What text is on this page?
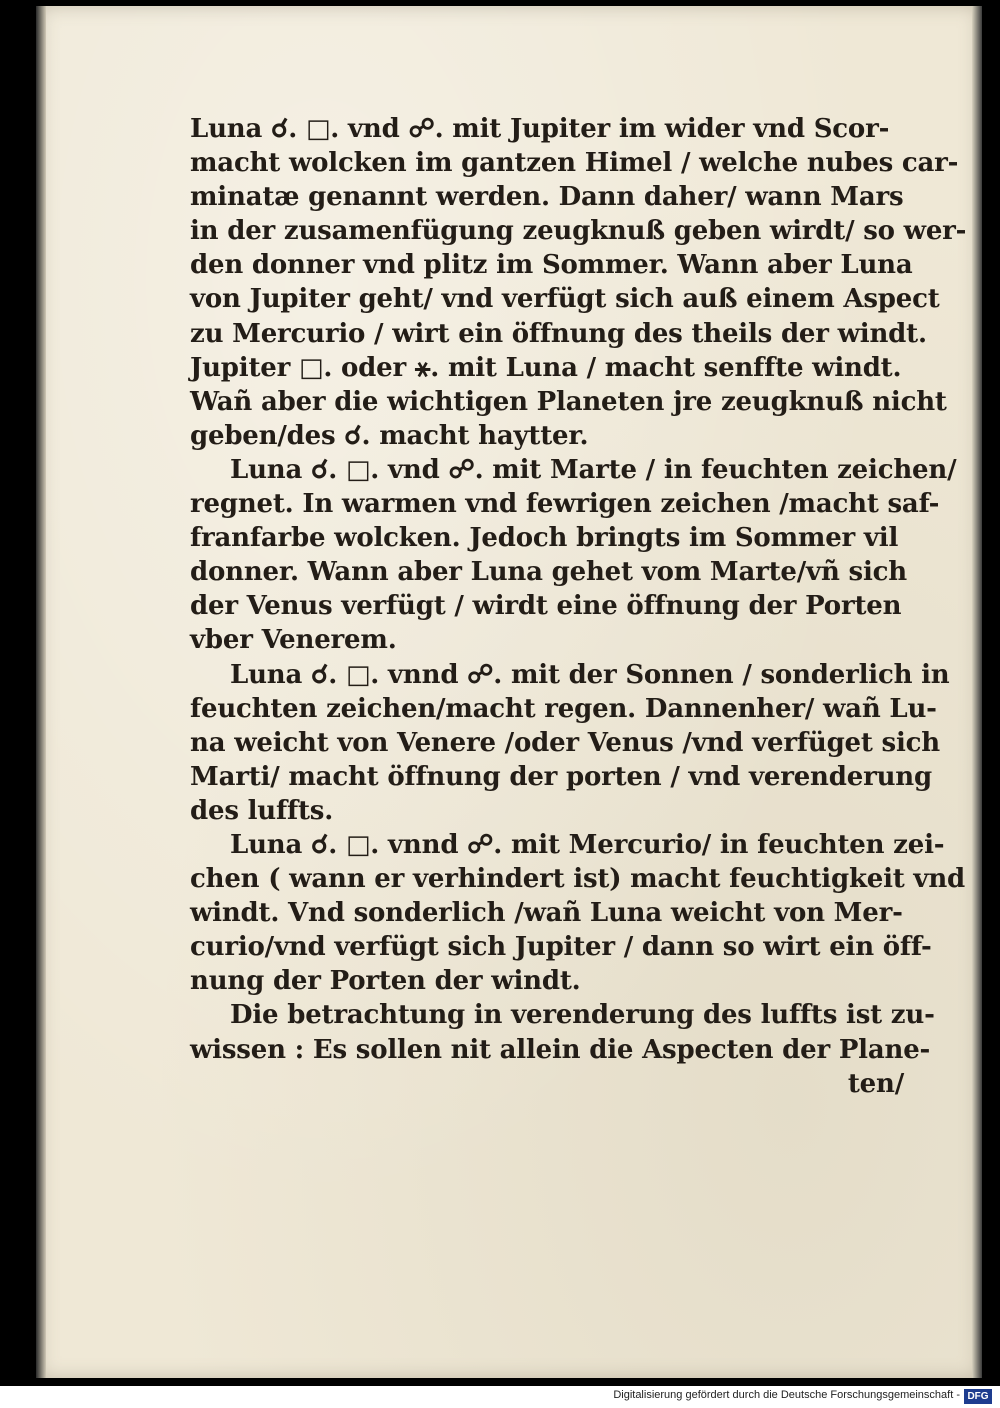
Luna ☌. □. vnd ☍. mit Jupiter im wider vnd Scor-
macht wolcken im gantzen Himel / welche nubes car-
minatæ genannt werden. Dann daher/ wann Mars
in der zusamenfügung zeugknuß geben wirdt/ so wer-
den donner vnd plitz im Sommer. Wann aber Luna
von Jupiter geht/ vnd verfügt sich auß einem Aspect
zu Mercurio / wirt ein öffnung des theils der windt.
Jupiter □. oder ⚹. mit Luna / macht senffte windt.
Wañ aber die wichtigen Planeten jre zeugknuß nicht
geben/des ☌. macht haytter.
Luna ☌. □. vnd ☍. mit Marte / in feuchten zeichen/
regnet. In warmen vnd fewrigen zeichen /macht saf-
franfarbe wolcken. Jedoch bringts im Sommer vil
donner. Wann aber Luna gehet vom Marte/vñ sich
der Venus verfügt / wirdt eine öffnung der Porten
vber Venerem.
Luna ☌. □. vnnd ☍. mit der Sonnen / sonderlich in
feuchten zeichen/macht regen. Dannenher/ wañ Lu-
na weicht von Venere /oder Venus /vnd verfüget sich
Marti/ macht öffnung der porten / vnd verenderung
des luffts.
Luna ☌. □. vnnd ☍. mit Mercurio/ in feuchten zei-
chen ( wann er verhindert ist) macht feuchtigkeit vnd
windt. Vnd sonderlich /wañ Luna weicht von Mer-
curio/vnd verfügt sich Jupiter / dann so wirt ein öff-
nung der Porten der windt.
Die betrachtung in verenderung des luffts ist zu-
wissen : Es sollen nit allein die Aspecten der Plane-
ten/
Digitalisierung gefördert durch die Deutsche Forschungsgemeinschaft - DFG
